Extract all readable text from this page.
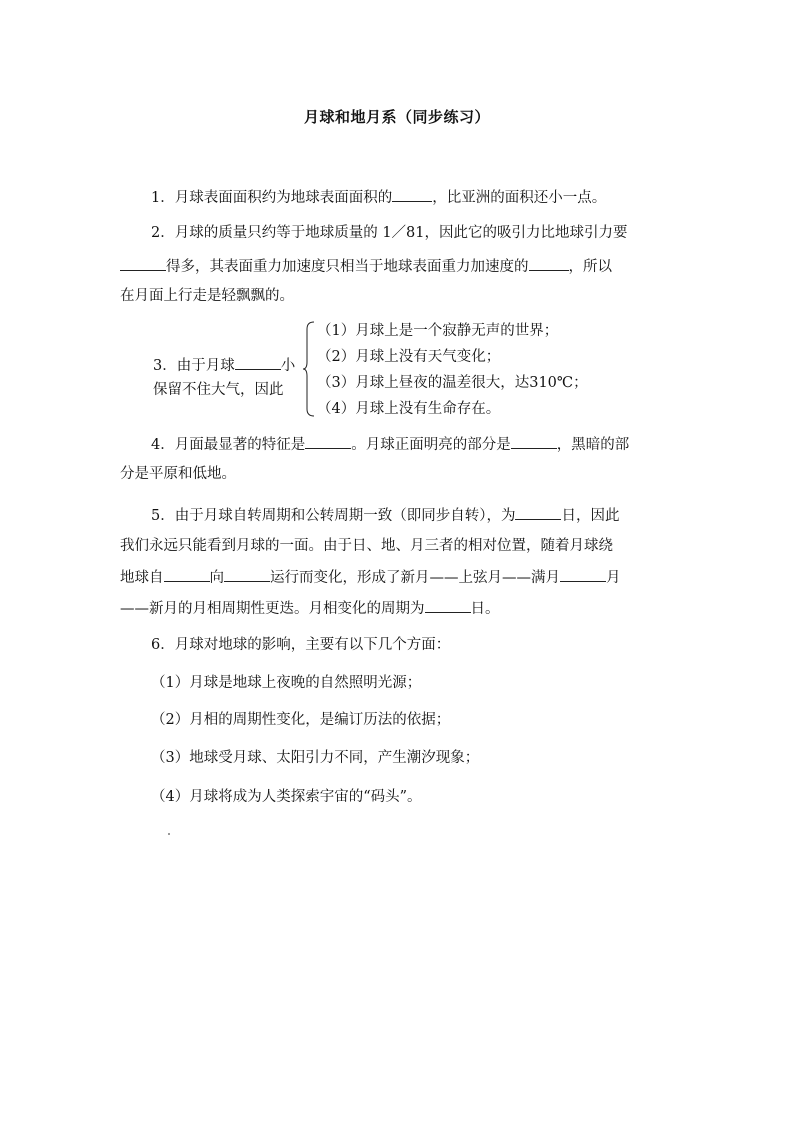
月球和地月系（同步练习）
1．月球表面面积约为地球表面面积的	，比亚洲的面积还小一点。
2．月球的质量只约等于地球质量的 1／81，因此它的吸引力比地球引力要
得多，其表面重力加速度只相当于地球表面重力加速度的	，所以
在月面上行走是轻飘飘的。
3．由于月球	小
保留不住大气，因此
（1）月球上是一个寂静无声的世界；
（2）月球上没有天气变化；
（3）月球上昼夜的温差很大，达310℃；
（4）月球上没有生命存在。
4．月面最显著的特征是	。月球正面明亮的部分是	，黑暗的部
分是平原和低地。
5．由于月球自转周期和公转周期一致（即同步自转），为	日，因此
我们永远只能看到月球的一面。由于日、地、月三者的相对位置，随着月球绕
地球自	向	运行而变化，形成了新月——上弦月——满月	月
——新月的月相周期性更迭。月相变化的周期为	日。
6．月球对地球的影响，主要有以下几个方面：
（1）月球是地球上夜晚的自然照明光源；
（2）月相的周期性变化，是编订历法的依据；
（3）地球受月球、太阳引力不同，产生潮汐现象；
（4）月球将成为人类探索宇宙的“码头”。
